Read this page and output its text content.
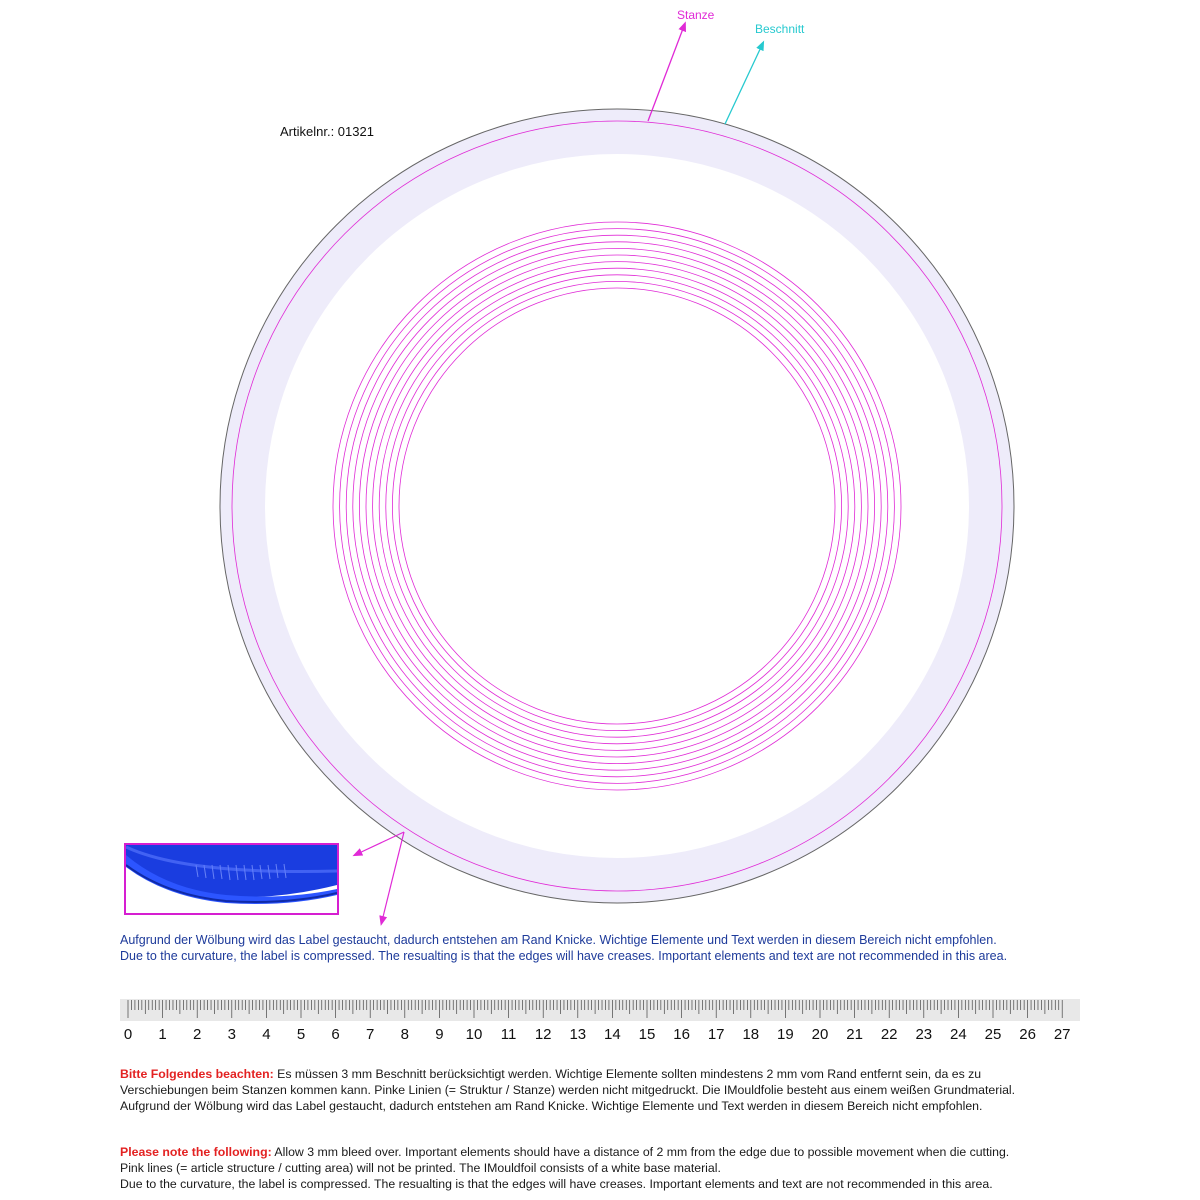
Stanze
Beschnitt
0 1 2 3 4 5 6 7 8 9 10 11 12 13 14 15 16 17 18 19 20 21 22 23 24 25 26 27
Artikelnr.: 01321
Aufgrund der Wölbung wird das Label gestaucht, dadurch entstehen am Rand Knicke. Wichtige Elemente und Text werden in diesem Bereich nicht empfohlen.
Due to the curvature, the label is compressed. The resualting is that the edges will have creases. Important elements and text are not recommended in this area.
Bitte Folgendes beachten: Es müssen 3 mm Beschnitt berücksichtigt werden. Wichtige Elemente sollten mindestens 2 mm vom Rand entfernt sein, da es zu
Verschiebungen beim Stanzen kommen kann. Pinke Linien (= Struktur / Stanze) werden nicht mitgedruckt. Die IMouldfolie besteht aus einem weißen Grundmaterial.
Aufgrund der Wölbung wird das Label gestaucht, dadurch entstehen am Rand Knicke. Wichtige Elemente und Text werden in diesem Bereich nicht empfohlen.
Please note the following: Allow 3 mm bleed over. Important elements should have a distance of 2 mm from the edge due to possible movement when die cutting.
Pink lines (= article structure / cutting area) will not be printed. The IMouldfoil consists of a white base material.
Due to the curvature, the label is compressed. The resualting is that the edges will have creases. Important elements and text are not recommended in this area.
